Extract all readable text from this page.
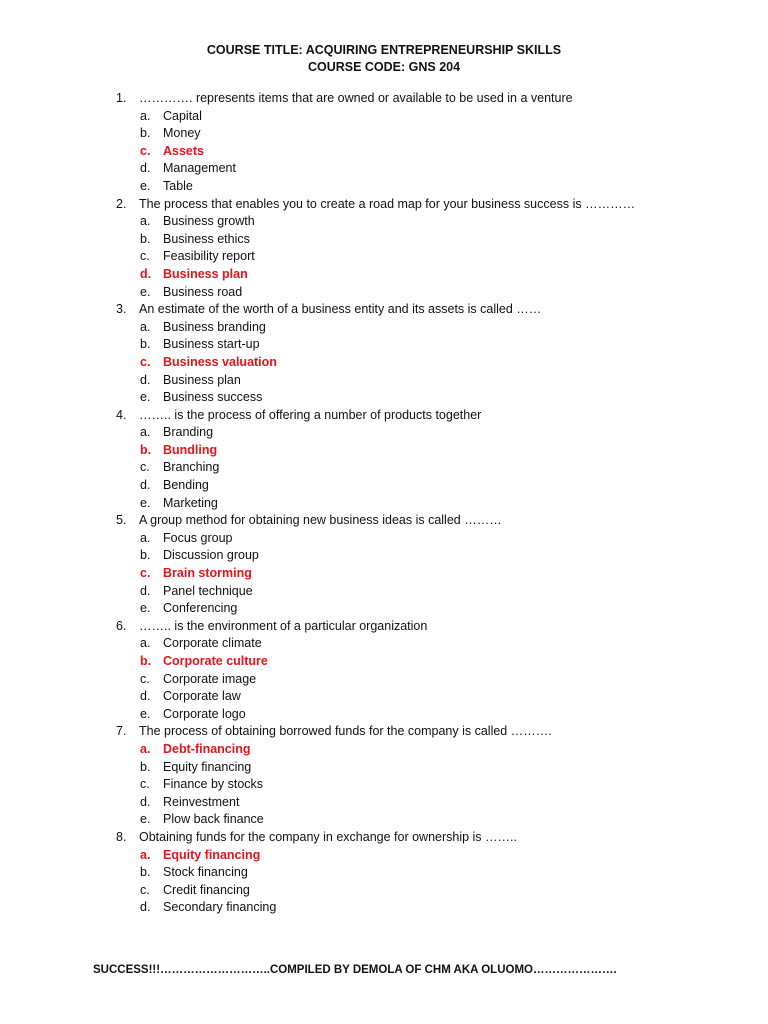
COURSE TITLE: ACQUIRING ENTREPRENEURSHIP SKILLS
COURSE CODE: GNS 204
1. …………. represents items that are owned or available to be used in a venture
a. Capital
b. Money
c. Assets
d. Management
e. Table
2. The process that enables you to create a road map for your business success is …………
a. Business growth
b. Business ethics
c. Feasibility report
d. Business plan
e. Business road
3. An estimate of the worth of a business entity and its assets is called ……
a. Business branding
b. Business start-up
c. Business valuation
d. Business plan
e. Business success
4. …….. is the process of offering a number of products together
a. Branding
b. Bundling
c. Branching
d. Bending
e. Marketing
5. A group method for obtaining new business ideas is called ………
a. Focus group
b. Discussion group
c. Brain storming
d. Panel technique
e. Conferencing
6. …….. is the environment of a particular organization
a. Corporate climate
b. Corporate culture
c. Corporate image
d. Corporate law
e. Corporate logo
7. The process of obtaining borrowed funds for the company is called ……….
a. Debt-financing
b. Equity financing
c. Finance by stocks
d. Reinvestment
e. Plow back finance
8. Obtaining funds for the company in exchange for ownership is ……..
a. Equity financing
b. Stock financing
c. Credit financing
d. Secondary financing
SUCCESS!!!………………………..COMPILED BY DEMOLA OF CHM AKA OLUOMO………………….
